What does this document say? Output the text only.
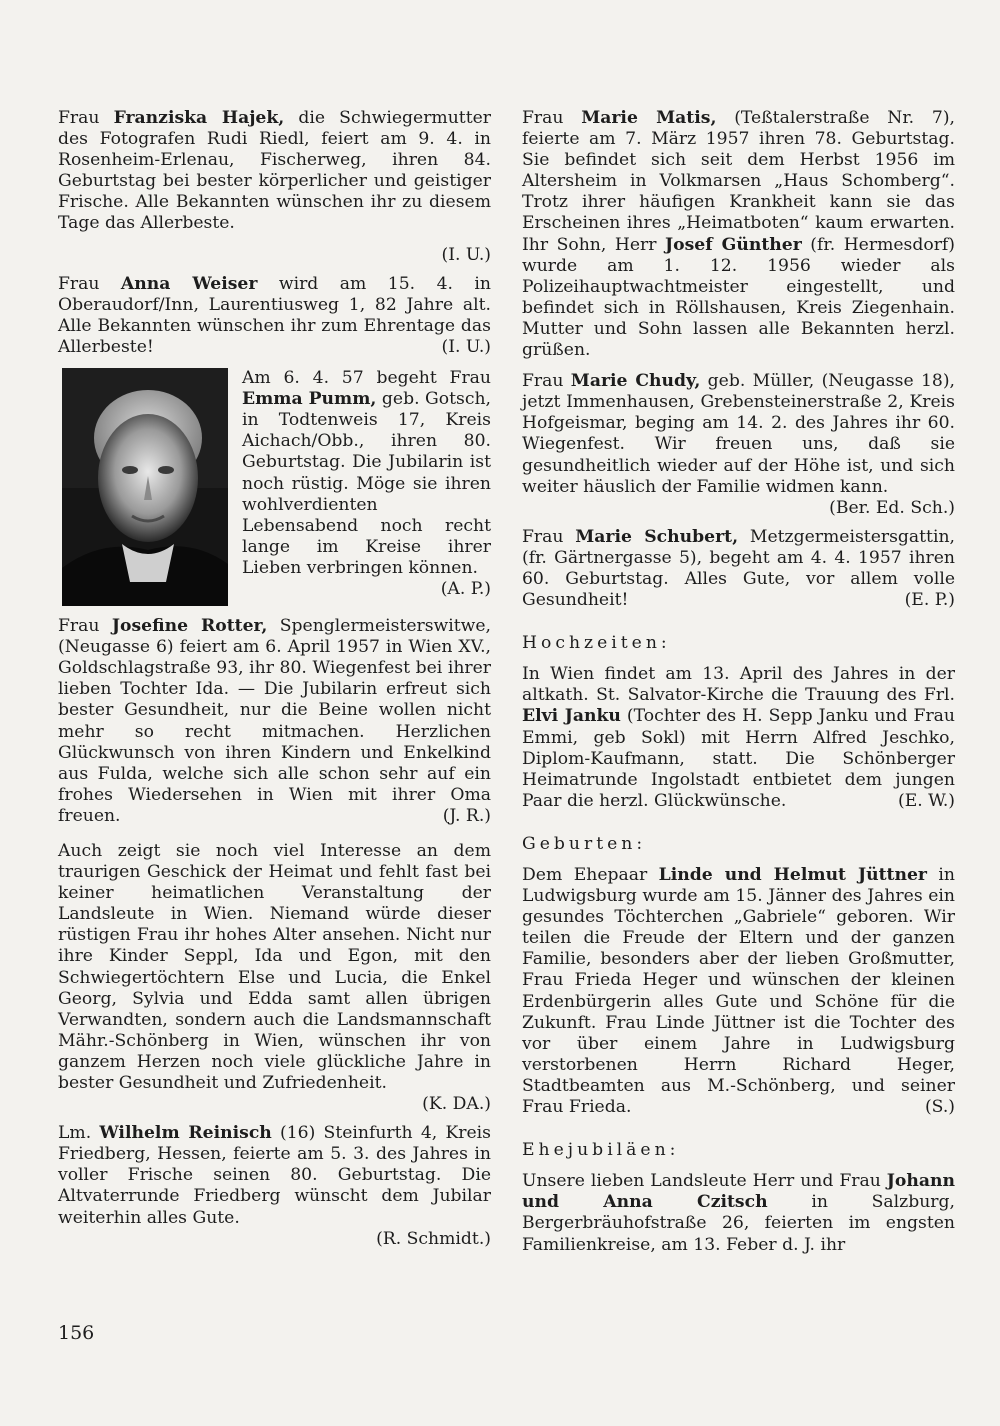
Frau Franziska Hajek, die Schwiegermutter des Fotografen Rudi Riedl, feiert am 9. 4. in Rosenheim-Erlenau, Fischerweg, ihren 84. Geburtstag bei bester körperlicher und geistiger Frische. Alle Bekannten wünschen ihr zu diesem Tage das Allerbeste.

(I. U.)

Frau Anna Weiser wird am 15. 4. in Oberaudorf/Inn, Laurentiusweg 1, 82 Jahre alt. Alle Bekannten wünschen ihr zum Ehrentage das Allerbeste!	(I. U.)

Am 6. 4. 57 begeht Frau Emma Pumm, geb. Gotsch, in Todtenweis 17, Kreis Aichach/Obb., ihren 80. Geburtstag. Die Jubilarin ist noch rüstig. Möge sie ihren wohlverdienten Lebensabend noch recht lange im Kreise ihrer Lieben verbringen können.
(A. P.)

Frau Josefine Rotter, Spenglermeisterswitwe, (Neugasse 6) feiert am 6. April 1957 in Wien XV., Goldschlagstraße 93, ihr 80. Wiegenfest bei ihrer lieben Tochter Ida. — Die Jubilarin erfreut sich bester Gesundheit, nur die Beine wollen nicht mehr so recht mitmachen. Herzlichen Glückwunsch von ihren Kindern und Enkelkind aus Fulda, welche sich alle schon sehr auf ein frohes Wiedersehen in Wien mit ihrer Oma freuen.	(J. R.)

Auch zeigt sie noch viel Interesse an dem traurigen Geschick der Heimat und fehlt fast bei keiner heimatlichen Veranstaltung der Landsleute in Wien. Niemand würde dieser rüstigen Frau ihr hohes Alter ansehen. Nicht nur ihre Kinder Seppl, Ida und Egon, mit den Schwiegertöchtern Else und Lucia, die Enkel Georg, Sylvia und Edda samt allen übrigen Verwandten, sondern auch die Landsmannschaft Mähr.-Schönberg in Wien, wünschen ihr von ganzem Herzen noch viele glückliche Jahre in bester Gesundheit und Zufriedenheit.

(K. DA.)

Lm. Wilhelm Reinisch (16) Steinfurth 4, Kreis Friedberg, Hessen, feierte am 5. 3. des Jahres in voller Frische seinen 80. Geburtstag. Die Altvaterrunde Friedberg wünscht dem Jubilar weiterhin alles Gute.

(R. Schmidt.)

Frau Marie Matis, (Teßtalerstraße Nr. 7), feierte am 7. März 1957 ihren 78. Geburtstag. Sie befindet sich seit dem Herbst 1956 im Altersheim in Volkmarsen „Haus Schomberg“. Trotz ihrer häufigen Krankheit kann sie das Erscheinen ihres „Heimatboten“ kaum erwarten. Ihr Sohn, Herr Josef Günther (fr. Hermesdorf) wurde am 1. 12. 1956 wieder als Polizeihauptwachtmeister eingestellt, und befindet sich in Röllshausen, Kreis Ziegenhain. Mutter und Sohn lassen alle Bekannten herzl. grüßen.

Frau Marie Chudy, geb. Müller, (Neugasse 18), jetzt Immenhausen, Grebensteinerstraße 2, Kreis Hofgeismar, beging am 14. 2. des Jahres ihr 60. Wiegenfest. Wir freuen uns, daß sie gesundheitlich wieder auf der Höhe ist, und sich weiter häuslich der Familie widmen kann.

(Ber. Ed. Sch.)

Frau Marie Schubert, Metzgermeistersgattin, (fr. Gärtnergasse 5), begeht am 4. 4. 1957 ihren 60. Geburtstag. Alles Gute, vor allem volle Gesundheit!	(E. P.)

Hochzeiten:

In Wien findet am 13. April des Jahres in der altkath. St. Salvator-Kirche die Trauung des Frl. Elvi Janku (Tochter des H. Sepp Janku und Frau Emmi, geb Sokl) mit Herrn Alfred Jeschko, Diplom-Kaufmann, statt. Die Schönberger Heimatrunde Ingolstadt entbietet dem jungen Paar die herzl. Glückwünsche.	(E. W.)

Geburten:

Dem Ehepaar Linde und Helmut Jüttner in Ludwigsburg wurde am 15. Jänner des Jahres ein gesundes Töchterchen „Gabriele“ geboren. Wir teilen die Freude der Eltern und der ganzen Familie, besonders aber der lieben Großmutter, Frau Frieda Heger und wünschen der kleinen Erdenbürgerin alles Gute und Schöne für die Zukunft. Frau Linde Jüttner ist die Tochter des vor über einem Jahre in Ludwigsburg verstorbenen Herrn Richard Heger, Stadtbeamten aus M.-Schönberg, und seiner Frau Frieda.	(S.)

Ehejubiläen:

Unsere lieben Landsleute Herr und Frau Johann und Anna Czitsch in Salzburg, Bergerbräuhofstraße 26, feierten im engsten Familienkreise, am 13. Feber d. J. ihr

156
